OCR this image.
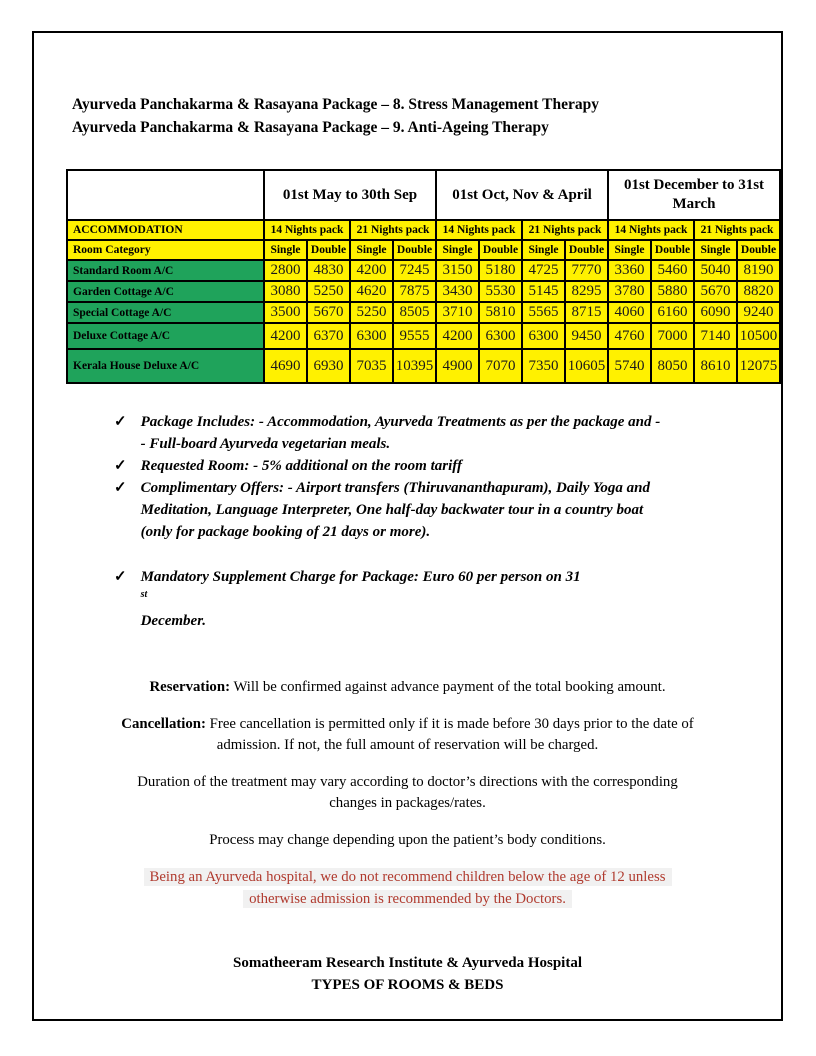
Ayurveda Panchakarma & Rasayana Package – 8. Stress Management Therapy
Ayurveda Panchakarma & Rasayana Package – 9. Anti-Ageing Therapy
	01st May to 30th Sep				01st Oct, Nov & April				01st December to 31st March			
ACCOMMODATION	14 Nights pack		21 Nights pack		14 Nights pack		21 Nights pack		14 Nights pack		21 Nights pack	
Room Category	Single	Double	Single	Double	Single	Double	Single	Double	Single	Double	Single	Double
Standard Room A/C	2800	4830	4200	7245	3150	5180	4725	7770	3360	5460	5040	8190
Garden Cottage A/C	3080	5250	4620	7875	3430	5530	5145	8295	3780	5880	5670	8820
Special Cottage A/C	3500	5670	5250	8505	3710	5810	5565	8715	4060	6160	6090	9240
Deluxe Cottage A/C	4200	6370	6300	9555	4200	6300	6300	9450	4760	7000	7140	10500
Kerala House Deluxe A/C	4690	6930	7035	10395	4900	7070	7350	10605	5740	8050	8610	12075
✓ Package Includes: - Accommodation, Ayurveda Treatments as per the package and -
- Full-board Ayurveda vegetarian meals.
✓ Requested Room: - 5% additional on the room tariff
✓ Complimentary Offers: - Airport transfers (Thiruvananthapuram), Daily Yoga and
Meditation, Language Interpreter, One half-day backwater tour in a country boat
(only for package booking of 21 days or more).
✓ Mandatory Supplement Charge for Package: Euro 60 per person on 31
$^{st}$
December.
Reservation: Will be confirmed against advance payment of the total booking amount.
Cancellation: Free cancellation is permitted only if it is made before 30 days prior to the date of
admission. If not, the full amount of reservation will be charged.
Duration of the treatment may vary according to doctor’s directions with the corresponding
changes in packages/rates.
Process may change depending upon the patient’s body conditions.
Being an Ayurveda hospital, we do not recommend children below the age of 12 unless
otherwise admission is recommended by the Doctors.
Somatheeram Research Institute & Ayurveda Hospital
TYPES OF ROOMS & BEDS
